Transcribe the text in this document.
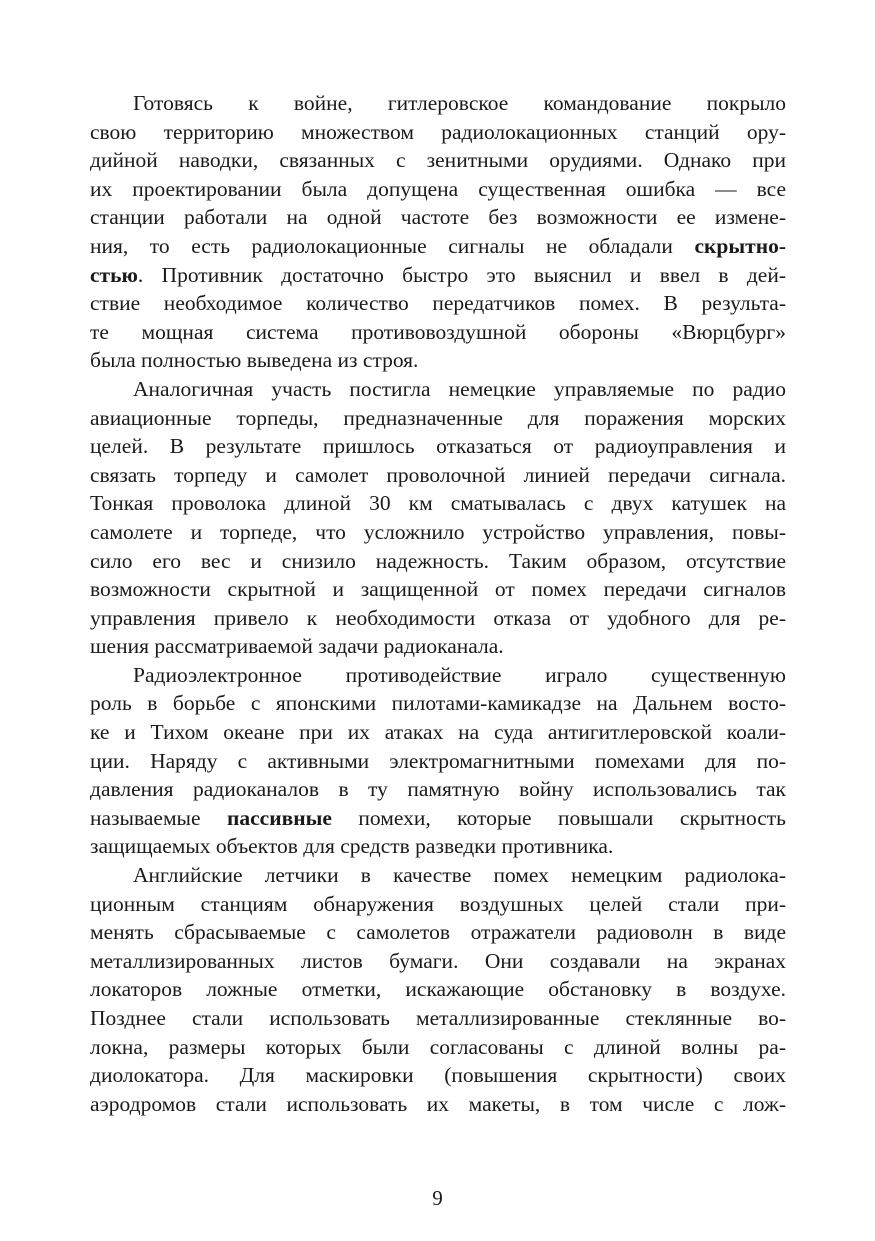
Готовясь к войне, гитлеровское командование покрыло
свою территорию множеством радиолокационных станций ору-
дийной наводки, связанных с зенитными орудиями. Однако при
их проектировании была допущена существенная ошибка — все
станции работали на одной частоте без возможности ее измене-
ния, то есть радиолокационные сигналы не обладали скрытно-
стью. Противник достаточно быстро это выяснил и ввел в дей-
ствие необходимое количество передатчиков помех. В результа-
те мощная система противовоздушной обороны «Вюрцбург»
была полностью выведена из строя.
Аналогичная участь постигла немецкие управляемые по радио
авиационные торпеды, предназначенные для поражения морских
целей. В результате пришлось отказаться от радиоуправления и
связать торпеду и самолет проволочной линией передачи сигнала.
Тонкая проволока длиной 30 км сматывалась с двух катушек на
самолете и торпеде, что усложнило устройство управления, повы-
сило его вес и снизило надежность. Таким образом, отсутствие
возможности скрытной и защищенной от помех передачи сигналов
управления привело к необходимости отказа от удобного для ре-
шения рассматриваемой задачи радиоканала.
Радиоэлектронное противодействие играло существенную
роль в борьбе с японскими пилотами-камикадзе на Дальнем восто-
ке и Тихом океане при их атаках на суда антигитлеровской коали-
ции. Наряду с активными электромагнитными помехами для по-
давления радиоканалов в ту памятную войну использовались так
называемые пассивные помехи, которые повышали скрытность
защищаемых объектов для средств разведки противника.
Английские летчики в качестве помех немецким радиолока-
ционным станциям обнаружения воздушных целей стали при-
менять сбрасываемые с самолетов отражатели радиоволн в виде
металлизированных листов бумаги. Они создавали на экранах
локаторов ложные отметки, искажающие обстановку в воздухе.
Позднее стали использовать металлизированные стеклянные во-
локна, размеры которых были согласованы с длиной волны ра-
диолокатора. Для маскировки (повышения скрытности) своих
аэродромов стали использовать их макеты, в том числе с лож-
9
